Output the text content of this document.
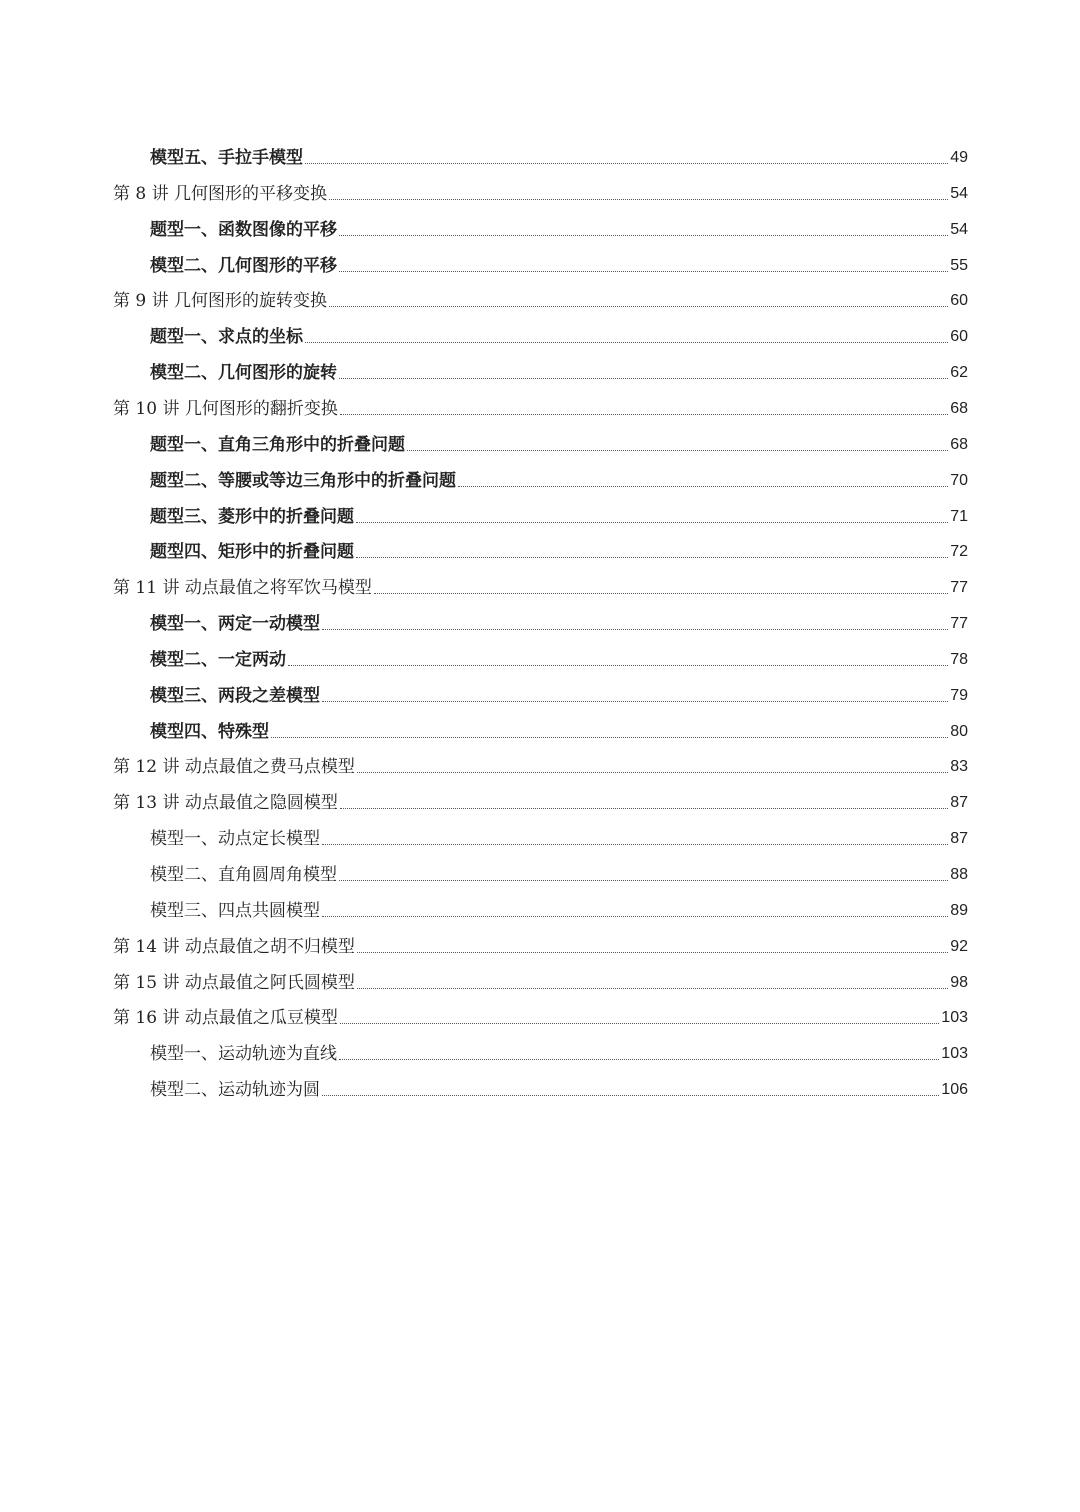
模型五、手拉手模型	49
第 8 讲 几何图形的平移变换	54
题型一、函数图像的平移	54
模型二、几何图形的平移	55
第 9 讲 几何图形的旋转变换	60
题型一、求点的坐标	60
模型二、几何图形的旋转	62
第 10 讲 几何图形的翻折变换	68
题型一、直角三角形中的折叠问题	68
题型二、等腰或等边三角形中的折叠问题	70
题型三、菱形中的折叠问题	71
题型四、矩形中的折叠问题	72
第 11 讲 动点最值之将军饮马模型	77
模型一、两定一动模型	77
模型二、一定两动	78
模型三、两段之差模型	79
模型四、特殊型	80
第 12 讲 动点最值之费马点模型	83
第 13 讲 动点最值之隐圆模型	87
模型一、动点定长模型	87
模型二、直角圆周角模型	88
模型三、四点共圆模型	89
第 14 讲 动点最值之胡不归模型	92
第 15 讲 动点最值之阿氏圆模型	98
第 16 讲 动点最值之瓜豆模型	103
模型一、运动轨迹为直线	103
模型二、运动轨迹为圆	106
